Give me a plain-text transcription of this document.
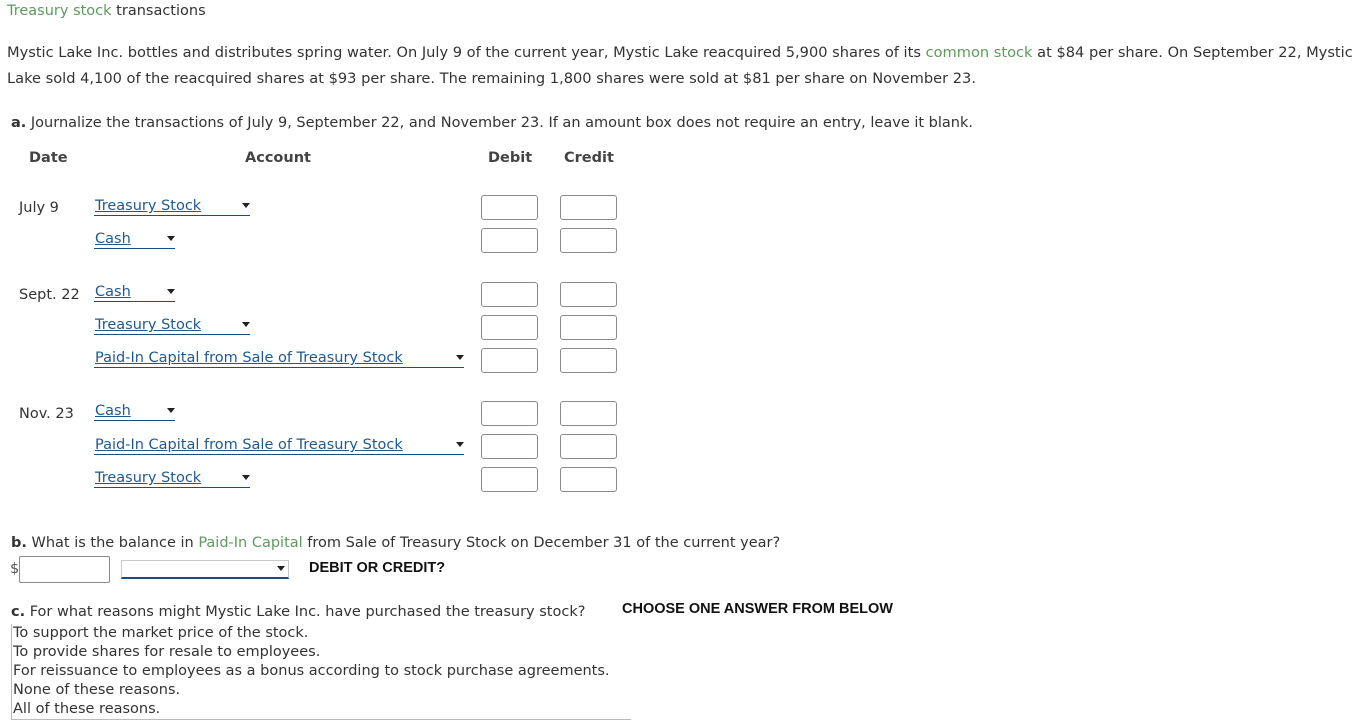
Treasury stock transactions
Mystic Lake Inc. bottles and distributes spring water. On July 9 of the current year, Mystic Lake reacquired 5,900 shares of its common stock at $84 per share. On September 22, Mystic Lake sold 4,100 of the reacquired shares at $93 per share. The remaining 1,800 shares were sold at $81 per share on November 23.
a. Journalize the transactions of July 9, September 22, and November 23. If an amount box does not require an entry, leave it blank.
Date	Account	Debit Credit
July 9 Treasury Stock
Cash
Sept. 22 Cash
Treasury Stock
Paid-In Capital from Sale of Treasury Stock
Nov. 23 Cash
Paid-In Capital from Sale of Treasury Stock
Treasury Stock
b. What is the balance in Paid-In Capital from Sale of Treasury Stock on December 31 of the current year?
$	DEBIT OR CREDIT?
c. For what reasons might Mystic Lake Inc. have purchased the treasury stock?	CHOOSE ONE ANSWER FROM BELOW
To support the market price of the stock.
To provide shares for resale to employees.
For reissuance to employees as a bonus according to stock purchase agreements.
None of these reasons.
All of these reasons.
